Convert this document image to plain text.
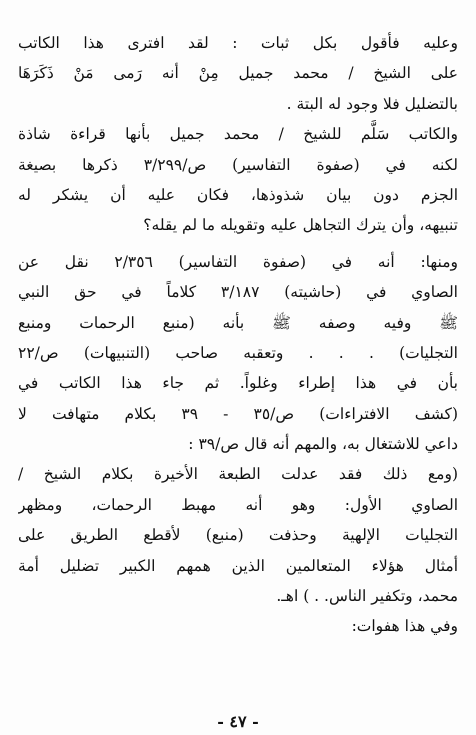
وعليه فأقول بكل ثبات : لقد افترى هذا الكاتب
على الشيخ / محمد جميل مِنْ أنه رَمى مَنْ ذَكَرَهَا
بالتضليل فلا وجود له البتة .
والكاتب سَلَّم للشيخ / محمد جميل بأنها قراءة شاذة
لكنه في (صفوة التفاسير) ص/٣/٢٩٩ ذكرها بصيغة
الجزم دون بيان شذوذها، فكان عليه أن يشكر له
تنبيهه، وأن يترك التجاهل عليه وتقويله ما لم يقله؟
ومنها: أنه في (صفوة التفاسير) ٢/٣٥٦ نقل عن
الصاوي في (حاشيته) ٣/١٨٧ كلاماً في حق النبي
ﷺ وفيه وصفه ﷺ بأنه (منبع الرحمات ومنبع
التجليات) . . . وتعقبه صاحب (التنبيهات) ص/٢٢
بأن في هذا إطراء وغلواً. ثم جاء هذا الكاتب في
(كشف الافتراءات) ص/٣٥ - ٣٩ بكلام متهافت لا
داعي للاشتغال به، والمهم أنه قال ص/٣٩ :
(ومع ذلك فقد عدلت الطبعة الأخيرة بكلام الشيخ /
الصاوي الأول: وهو أنه مهبط الرحمات، ومظهر
التجليات الإلهية وحذفت (منبع) لأقطع الطريق على
أمثال هؤلاء المتعالمين الذين همهم الكبير تضليل أمة
محمد، وتكفير الناس. . ) اهـ.
وفي هذا هفوات:
- ٤٧ -
